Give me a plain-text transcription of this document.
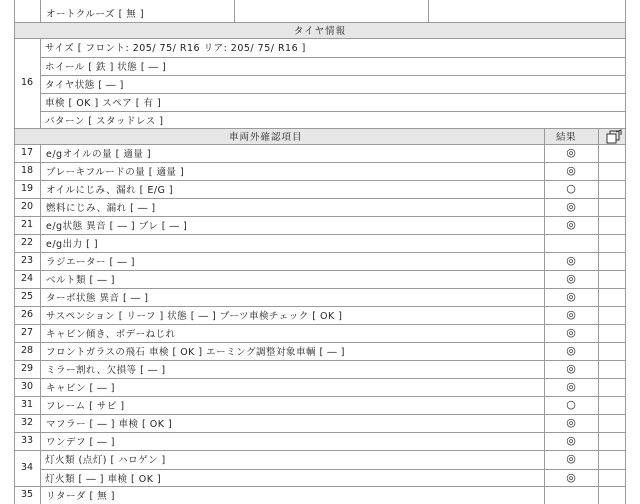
オートクルーズ [ 無 ]
タイヤ情報
16
サイズ [ フロント: 205/ 75/ R16 リア: 205/ 75/ R16 ]
ホイール [ 鉄 ] 状態 [ ― ]
タイヤ状態 [ ― ]
車検 [ OK ] スペア [ 有 ]
パターン [ スタッドレス ]
車両外確認項目	結果
17	e/gオイルの量 [ 適量 ]	◎
18	ブレーキフルードの量 [ 適量 ]	◎
19	オイルにじみ、漏れ [ E/G ]	○
20	燃料にじみ、漏れ [ ― ]	◎
21	e/g状態 異音 [ ― ] ブレ [ ― ]	◎
22	e/g出力 [ ]
23	ラジエーター [ ― ]	◎
24	ベルト類 [ ― ]	◎
25	ターボ状態 異音 [ ― ]	◎
26	サスペンション [ リーフ ] 状態 [ ― ] ブーツ車検チェック [ OK ]	◎
27	キャビン傾き、ボデーねじれ	◎
28	フロントガラスの飛石 車検 [ OK ] エーミング調整対象車輌 [ ― ]	◎
29	ミラー割れ、欠損等 [ ― ]	◎
30	キャビン [ ― ]	◎
31	フレーム [ サビ ]	○
32	マフラー [ ― ] 車検 [ OK ]	◎
33	ワンデフ [ ― ]	◎
34
灯火類 (点灯) [ ハロゲン ]	◎
灯火類 [ ― ] 車検 [ OK ]	◎
35	リターダ [ 無 ]
